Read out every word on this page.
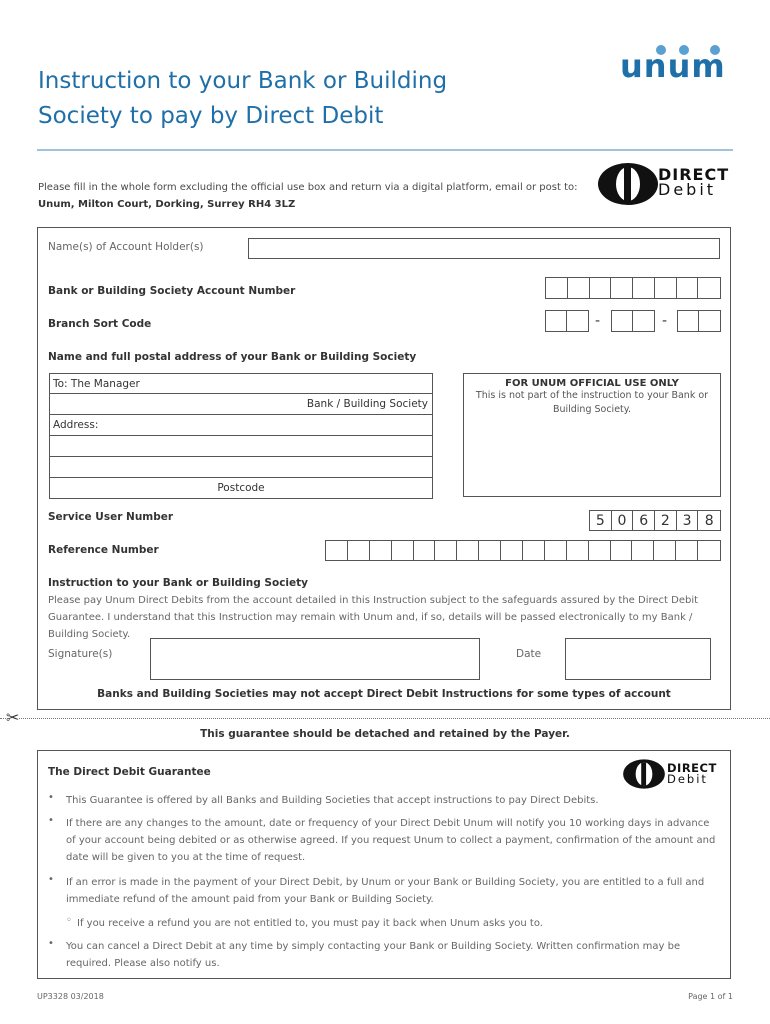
Instruction to your Bank or Building
Society to pay by Direct Debit
unum
Please fill in the whole form excluding the official use box and return via a digital platform, email or post to:
Unum, Milton Court, Dorking, Surrey RH4 3LZ
DIRECT
Debit
Name(s) of Account Holder(s)
Bank or Building Society Account Number
Branch Sort Code	-	-
Name and full postal address of your Bank or Building Society
To: The Manager
Bank / Building Society
Address:
Postcode
FOR UNUM OFFICIAL USE ONLY
This is not part of the instruction to your Bank or Building Society.
Service User Number	5 0 6 2 3 8
Reference Number
Instruction to your Bank or Building Society
Please pay Unum Direct Debits from the account detailed in this Instruction subject to the safeguards assured by the Direct Debit Guarantee. I understand that this Instruction may remain with Unum and, if so, details will be passed electronically to my Bank / Building Society.
Signature(s)	Date
Banks and Building Societies may not accept Direct Debit Instructions for some types of account
✂
This guarantee should be detached and retained by the Payer.
The Direct Debit Guarantee	DIRECT
Debit
• This Guarantee is offered by all Banks and Building Societies that accept instructions to pay Direct Debits.
• If there are any changes to the amount, date or frequency of your Direct Debit Unum will notify you 10 working days in advance of your account being debited or as otherwise agreed. If you request Unum to collect a payment, confirmation of the amount and date will be given to you at the time of request.
• If an error is made in the payment of your Direct Debit, by Unum or your Bank or Building Society, you are entitled to a full and immediate refund of the amount paid from your Bank or Building Society.
◦ If you receive a refund you are not entitled to, you must pay it back when Unum asks you to.
• You can cancel a Direct Debit at any time by simply contacting your Bank or Building Society. Written confirmation may be required. Please also notify us.
UP3328 03/2018	Page 1 of 1
